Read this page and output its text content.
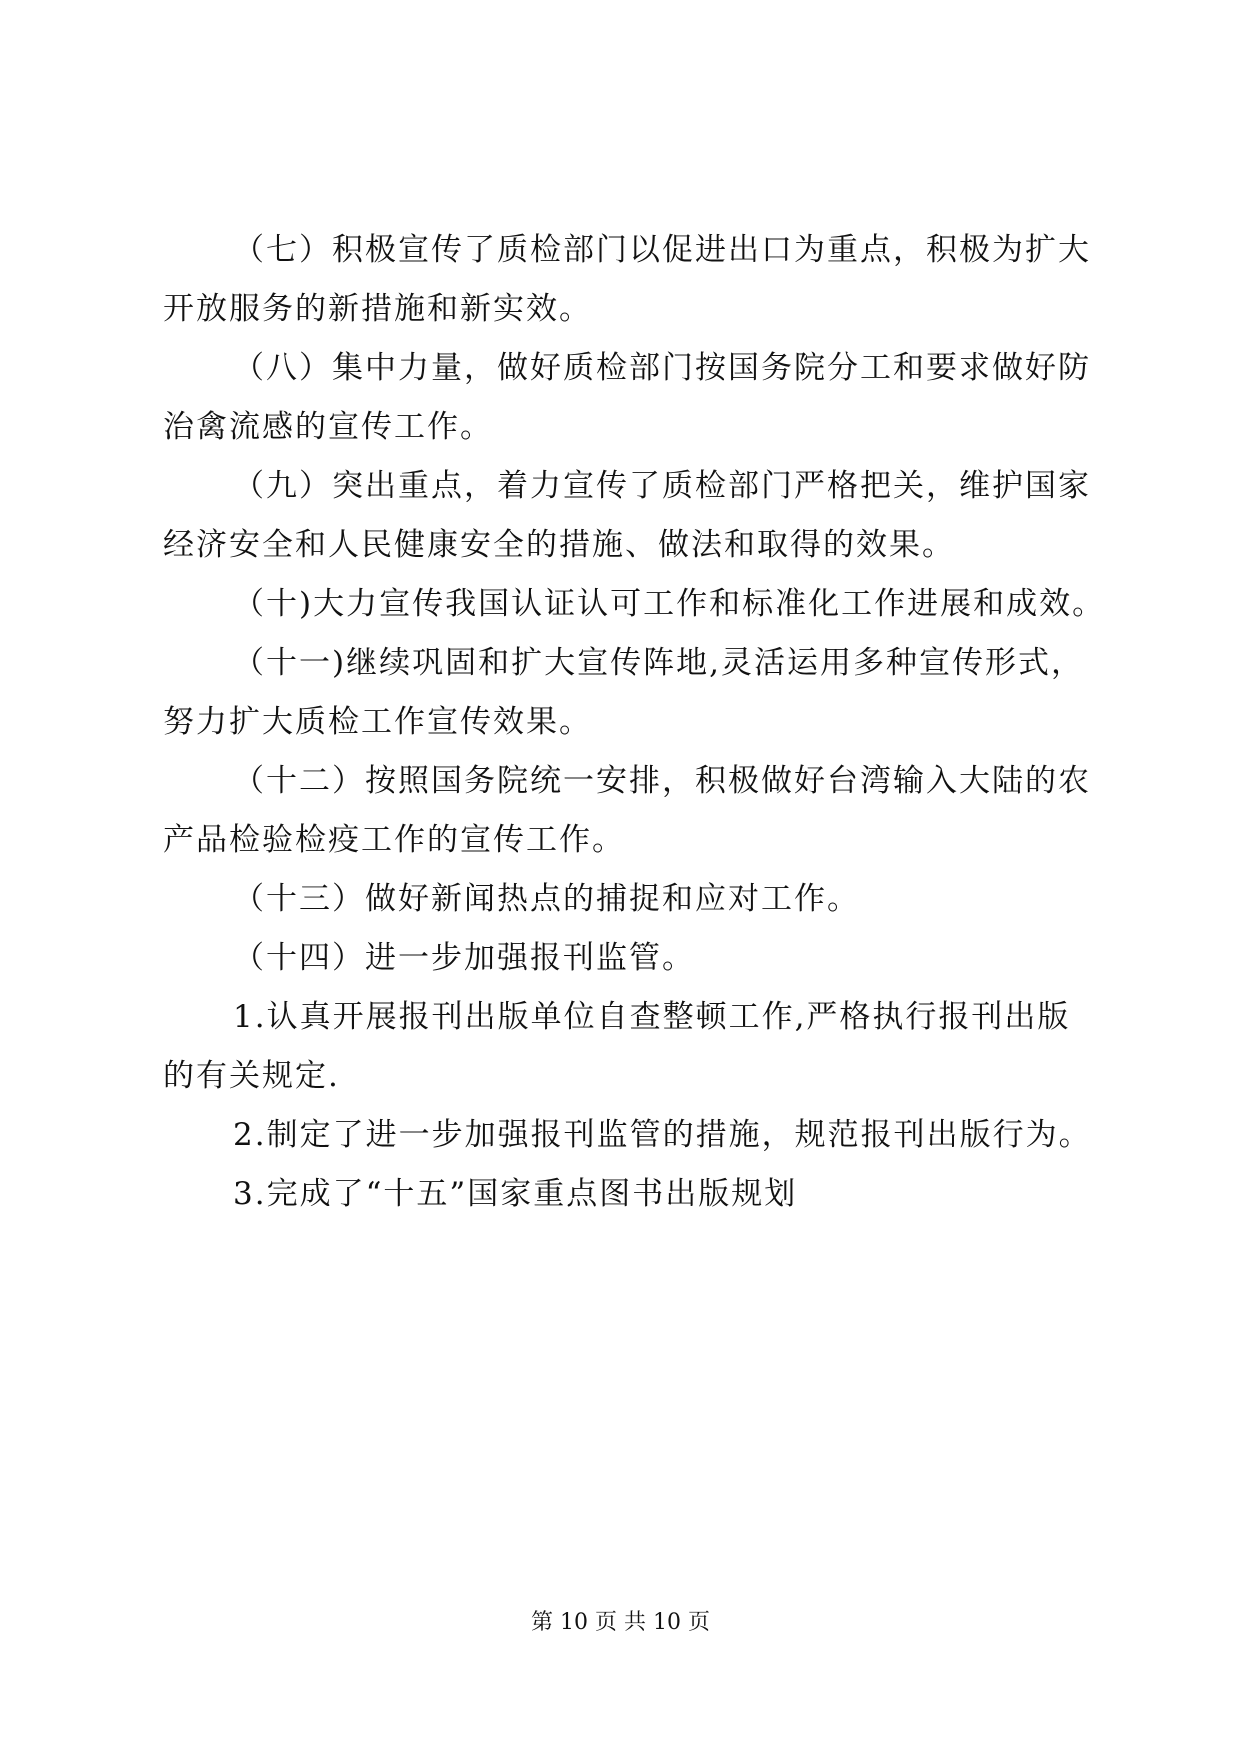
（七）积极宣传了质检部门以促进出口为重点，积极为扩大
开放服务的新措施和新实效。
（八）集中力量，做好质检部门按国务院分工和要求做好防
治禽流感的宣传工作。
（九）突出重点，着力宣传了质检部门严格把关，维护国家
经济安全和人民健康安全的措施、做法和取得的效果。
（十)大力宣传我国认证认可工作和标准化工作进展和成效。
（十一)继续巩固和扩大宣传阵地,灵活运用多种宣传形式，
努力扩大质检工作宣传效果。
（十二）按照国务院统一安排，积极做好台湾输入大陆的农
产品检验检疫工作的宣传工作。
（十三）做好新闻热点的捕捉和应对工作。
（十四）进一步加强报刊监管。
1.认真开展报刊出版单位自查整顿工作,严格执行报刊出版
的有关规定.
2.制定了进一步加强报刊监管的措施，规范报刊出版行为。
3.完成了“十五”国家重点图书出版规划
第 10 页 共 10 页
